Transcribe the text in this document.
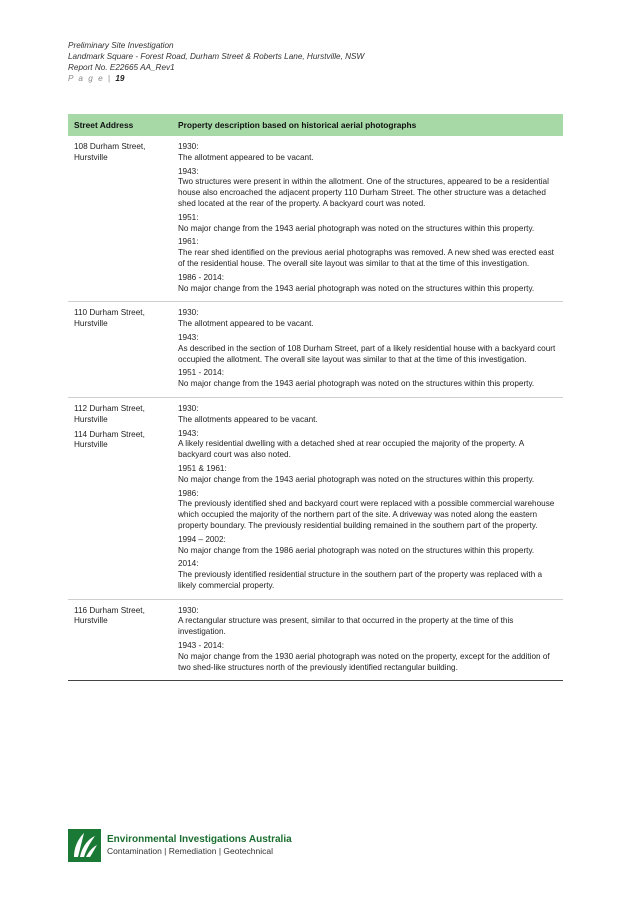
Preliminary Site Investigation
Landmark Square - Forest Road, Durham Street & Roberts Lane, Hurstville, NSW
Report No. E22665 AA_Rev1
P a g e | 19
Street Address	Property description based on historical aerial photographs
108 Durham Street, Hurstville
1930:
The allotment appeared to be vacant.
1943:
Two structures were present in within the allotment. One of the structures, appeared to be a residential house also encroached the adjacent property 110 Durham Street. The other structure was a detached shed located at the rear of the property. A backyard court was noted.
1951:
No major change from the 1943 aerial photograph was noted on the structures within this property.
1961:
The rear shed identified on the previous aerial photographs was removed. A new shed was erected east of the residential house. The overall site layout was similar to that at the time of this investigation.
1986 - 2014:
No major change from the 1943 aerial photograph was noted on the structures within this property.
110 Durham Street, Hurstville
1930:
The allotment appeared to be vacant.
1943:
As described in the section of 108 Durham Street, part of a likely residential house with a backyard court occupied the allotment. The overall site layout was similar to that at the time of this investigation.
1951 - 2014:
No major change from the 1943 aerial photograph was noted on the structures within this property.
112 Durham Street, Hurstville
114 Durham Street, Hurstville
1930:
The allotments appeared to be vacant.
1943:
A likely residential dwelling with a detached shed at rear occupied the majority of the property. A backyard court was also noted.
1951 & 1961:
No major change from the 1943 aerial photograph was noted on the structures within this property.
1986:
The previously identified shed and backyard court were replaced with a possible commercial warehouse which occupied the majority of the northern part of the site. A driveway was noted along the eastern property boundary. The previously residential building remained in the southern part of the property.
1994 – 2002:
No major change from the 1986 aerial photograph was noted on the structures within this property.
2014:
The previously identified residential structure in the southern part of the property was replaced with a likely commercial property.
116 Durham Street, Hurstville
1930:
A rectangular structure was present, similar to that occurred in the property at the time of this investigation.
1943 - 2014:
No major change from the 1930 aerial photograph was noted on the property, except for the addition of two shed-like structures north of the previously identified rectangular building.
Environmental Investigations Australia
Contamination | Remediation | Geotechnical
